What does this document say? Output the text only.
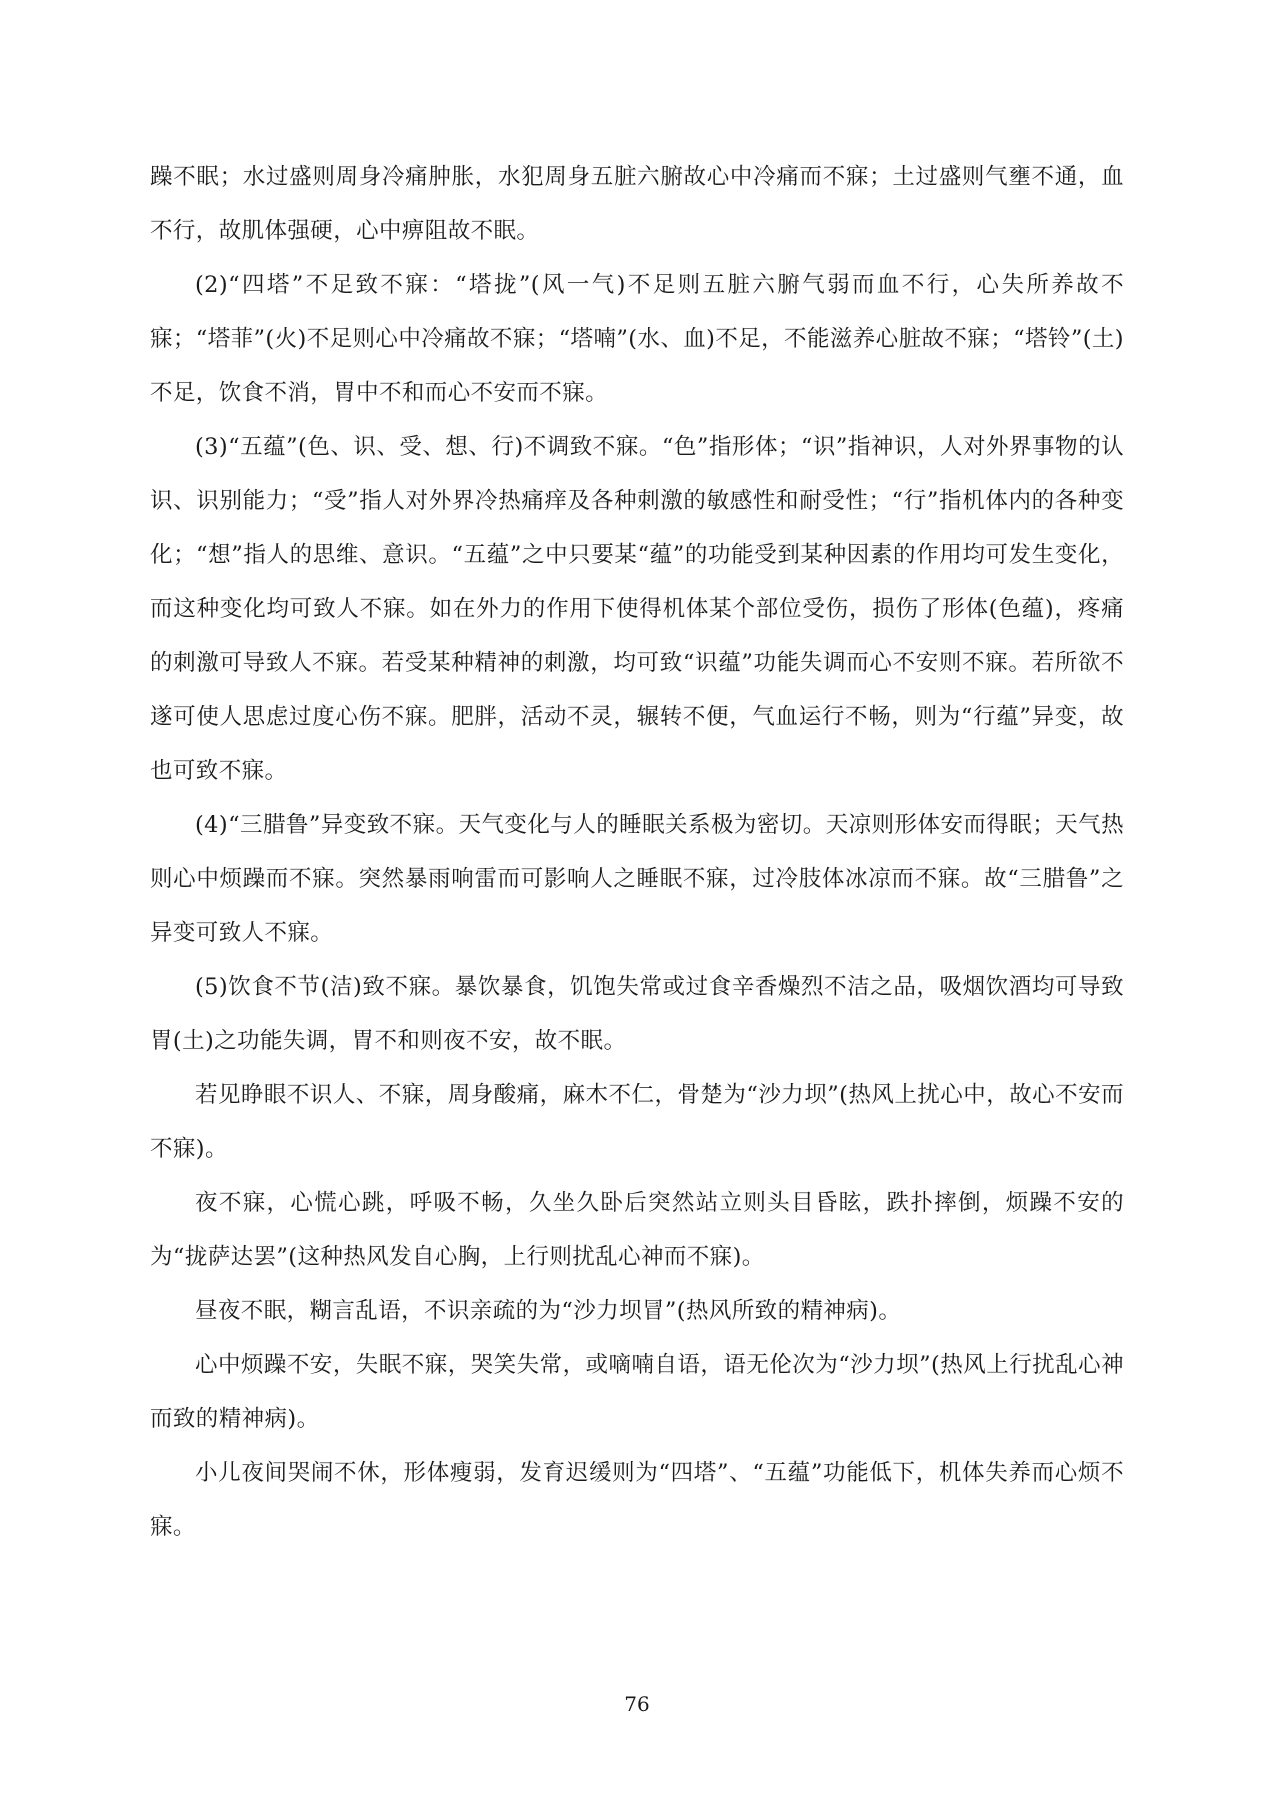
躁不眠；水过盛则周身冷痛肿胀，水犯周身五脏六腑故心中冷痛而不寐；土过盛则气壅不通，血不行，故肌体强硬，心中痹阻故不眠。

(2)“四塔”不足致不寐：“塔拢”(风一气)不足则五脏六腑气弱而血不行，心失所养故不寐；“塔菲”(火)不足则心中冷痛故不寐；“塔喃”(水、血)不足，不能滋养心脏故不寐；“塔铃”(土)不足，饮食不消，胃中不和而心不安而不寐。

(3)“五蕴”(色、识、受、想、行)不调致不寐。“色”指形体；“识”指神识，人对外界事物的认识、识别能力；“受”指人对外界冷热痛痒及各种刺激的敏感性和耐受性；“行”指机体内的各种变化；“想”指人的思维、意识。“五蕴”之中只要某“蕴”的功能受到某种因素的作用均可发生变化，而这种变化均可致人不寐。如在外力的作用下使得机体某个部位受伤，损伤了形体(色蕴)，疼痛的刺激可导致人不寐。若受某种精神的刺激，均可致“识蕴”功能失调而心不安则不寐。若所欲不遂可使人思虑过度心伤不寐。肥胖，活动不灵，辗转不便，气血运行不畅，则为“行蕴”异变，故也可致不寐。

(4)“三腊鲁”异变致不寐。天气变化与人的睡眠关系极为密切。天凉则形体安而得眠；天气热则心中烦躁而不寐。突然暴雨响雷而可影响人之睡眠不寐，过冷肢体冰凉而不寐。故“三腊鲁”之异变可致人不寐。

(5)饮食不节(洁)致不寐。暴饮暴食，饥饱失常或过食辛香燥烈不洁之品，吸烟饮酒均可导致胃(土)之功能失调，胃不和则夜不安，故不眠。

若见睁眼不识人、不寐，周身酸痛，麻木不仁，骨楚为“沙力坝”(热风上扰心中，故心不安而不寐)。

夜不寐，心慌心跳，呼吸不畅，久坐久卧后突然站立则头目昏眩，跌扑摔倒，烦躁不安的为“拢萨达罢”(这种热风发自心胸，上行则扰乱心神而不寐)。

昼夜不眠，糊言乱语，不识亲疏的为“沙力坝冒”(热风所致的精神病)。

心中烦躁不安，失眠不寐，哭笑失常，或嘀喃自语，语无伦次为“沙力坝”(热风上行扰乱心神而致的精神病)。

小儿夜间哭闹不休，形体瘦弱，发育迟缓则为“四塔”、“五蕴”功能低下，机体失养而心烦不寐。

76
